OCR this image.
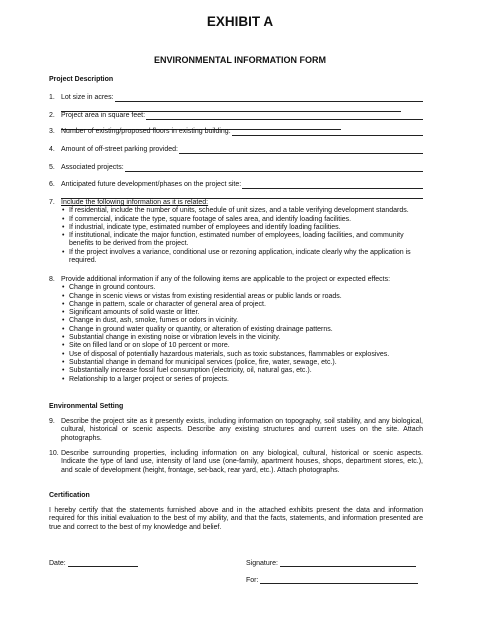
EXHIBIT A
ENVIRONMENTAL INFORMATION FORM
Project Description
1. Lot size in acres:
2. Project area in square feet:
3. Number of existing/proposed floors in existing building:
4. Amount of off-street parking provided:
5. Associated projects:
6. Anticipated future development/phases on the project site:
7. Include the following information as it is related:
• If residential, include the number of units, schedule of unit sizes, and a table verifying development standards.
• If commercial, indicate the type, square footage of sales area, and identify loading facilities.
• If industrial, indicate type, estimated number of employees and identify loading facilities.
• If institutional, indicate the major function, estimated number of employees, loading facilities, and community benefits to be derived from the project.
• If the project involves a variance, conditional use or rezoning application, indicate clearly why the application is required.
8. Provide additional information if any of the following items are applicable to the project or expected effects:
• Change in ground contours.
• Change in scenic views or vistas from existing residential areas or public lands or roads.
• Change in pattern, scale or character of general area of project.
• Significant amounts of solid waste or litter.
• Change in dust, ash, smoke, fumes or odors in vicinity.
• Change in ground water quality or quantity, or alteration of existing drainage patterns.
• Substantial change in existing noise or vibration levels in the vicinity.
• Site on filled land or on slope of 10 percent or more.
• Use of disposal of potentially hazardous materials, such as toxic substances, flammables or explosives.
• Substantial change in demand for municipal services (police, fire, water, sewage, etc.).
• Substantially increase fossil fuel consumption (electricity, oil, natural gas, etc.).
• Relationship to a larger project or series of projects.
Environmental Setting
9. Describe the project site as it presently exists, including information on topography, soil stability, and any biological, cultural, historical or scenic aspects. Describe any existing structures and current uses on the site. Attach photographs.
10. Describe surrounding properties, including information on any biological, cultural, historical or scenic aspects. Indicate the type of land use, intensity of land use (one-family, apartment houses, shops, department stores, etc.), and scale of development (height, frontage, set-back, rear yard, etc.). Attach photographs.
Certification
I hereby certify that the statements furnished above and in the attached exhibits present the data and information required for this initial evaluation to the best of my ability, and that the facts, statements, and information presented are true and correct to the best of my knowledge and belief.
Date:	Signature:
For:
